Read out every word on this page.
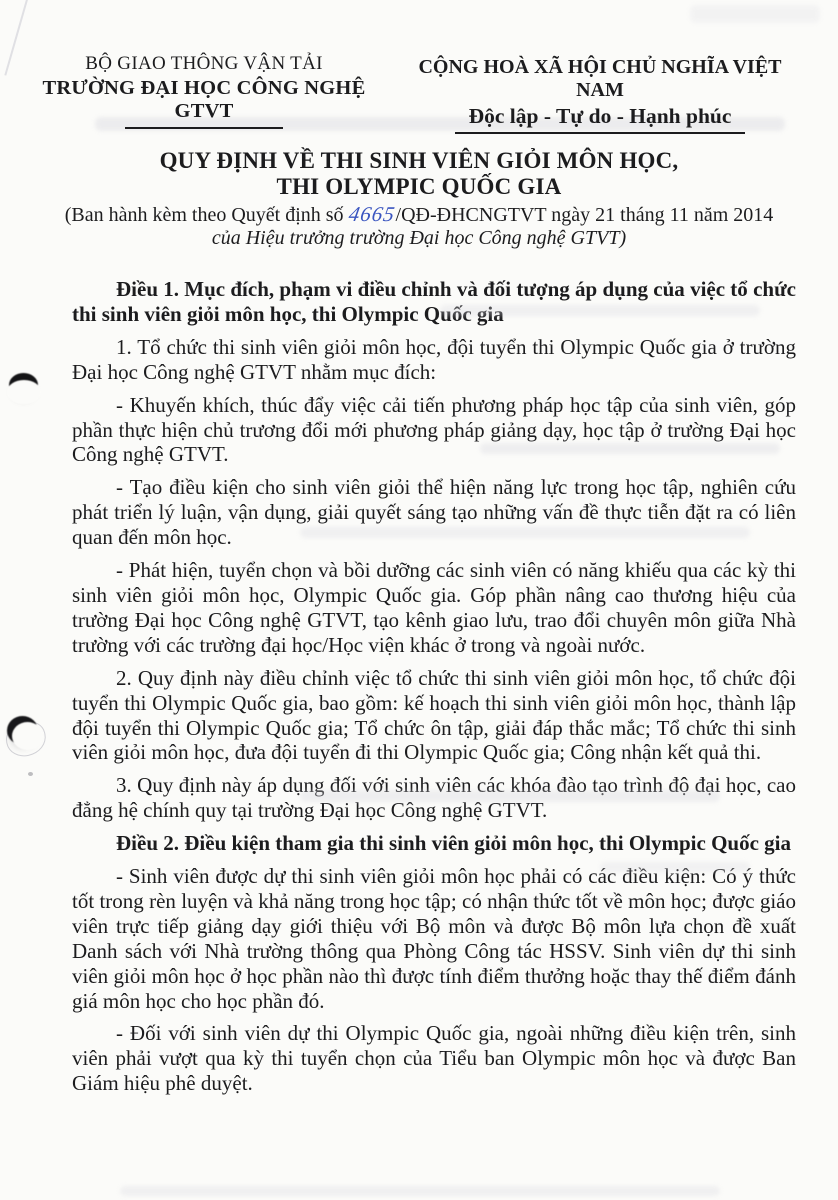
BỘ GIAO THÔNG VẬN TẢI
TRƯỜNG ĐẠI HỌC CÔNG NGHỆ GTVT
CỘNG HOÀ XÃ HỘI CHỦ NGHĨA VIỆT NAM
Độc lập - Tự do - Hạnh phúc
QUY ĐỊNH VỀ THI SINH VIÊN GIỎI MÔN HỌC,
THI OLYMPIC QUỐC GIA
(Ban hành kèm theo Quyết định số 4665/QĐ-ĐHCNGTVT ngày 21 tháng 11 năm 2014
của Hiệu trưởng trường Đại học Công nghệ GTVT)

Điều 1. Mục đích, phạm vi điều chỉnh và đối tượng áp dụng của việc tổ chức thi sinh viên giỏi môn học, thi Olympic Quốc gia

1. Tổ chức thi sinh viên giỏi môn học, đội tuyển thi Olympic Quốc gia ở trường Đại học Công nghệ GTVT nhằm mục đích:

- Khuyến khích, thúc đẩy việc cải tiến phương pháp học tập của sinh viên, góp phần thực hiện chủ trương đổi mới phương pháp giảng dạy, học tập ở trường Đại học Công nghệ GTVT.

- Tạo điều kiện cho sinh viên giỏi thể hiện năng lực trong học tập, nghiên cứu phát triển lý luận, vận dụng, giải quyết sáng tạo những vấn đề thực tiễn đặt ra có liên quan đến môn học.

- Phát hiện, tuyển chọn và bồi dưỡng các sinh viên có năng khiếu qua các kỳ thi sinh viên giỏi môn học, Olympic Quốc gia. Góp phần nâng cao thương hiệu của trường Đại học Công nghệ GTVT, tạo kênh giao lưu, trao đổi chuyên môn giữa Nhà trường với các trường đại học/Học viện khác ở trong và ngoài nước.

2. Quy định này điều chỉnh việc tổ chức thi sinh viên giỏi môn học, tổ chức đội tuyển thi Olympic Quốc gia, bao gồm: kế hoạch thi sinh viên giỏi môn học, thành lập đội tuyển thi Olympic Quốc gia; Tổ chức ôn tập, giải đáp thắc mắc; Tổ chức thi sinh viên giỏi môn học, đưa đội tuyển đi thi Olympic Quốc gia; Công nhận kết quả thi.

3. Quy định này áp dụng đối với sinh viên các khóa đào tạo trình độ đại học, cao đẳng hệ chính quy tại trường Đại học Công nghệ GTVT.

Điều 2. Điều kiện tham gia thi sinh viên giỏi môn học, thi Olympic Quốc gia

- Sinh viên được dự thi sinh viên giỏi môn học phải có các điều kiện: Có ý thức tốt trong rèn luyện và khả năng trong học tập; có nhận thức tốt về môn học; được giáo viên trực tiếp giảng dạy giới thiệu với Bộ môn và được Bộ môn lựa chọn đề xuất Danh sách với Nhà trường thông qua Phòng Công tác HSSV. Sinh viên dự thi sinh viên giỏi môn học ở học phần nào thì được tính điểm thưởng hoặc thay thế điểm đánh giá môn học cho học phần đó.

- Đối với sinh viên dự thi Olympic Quốc gia, ngoài những điều kiện trên, sinh viên phải vượt qua kỳ thi tuyển chọn của Tiểu ban Olympic môn học và được Ban Giám hiệu phê duyệt.
